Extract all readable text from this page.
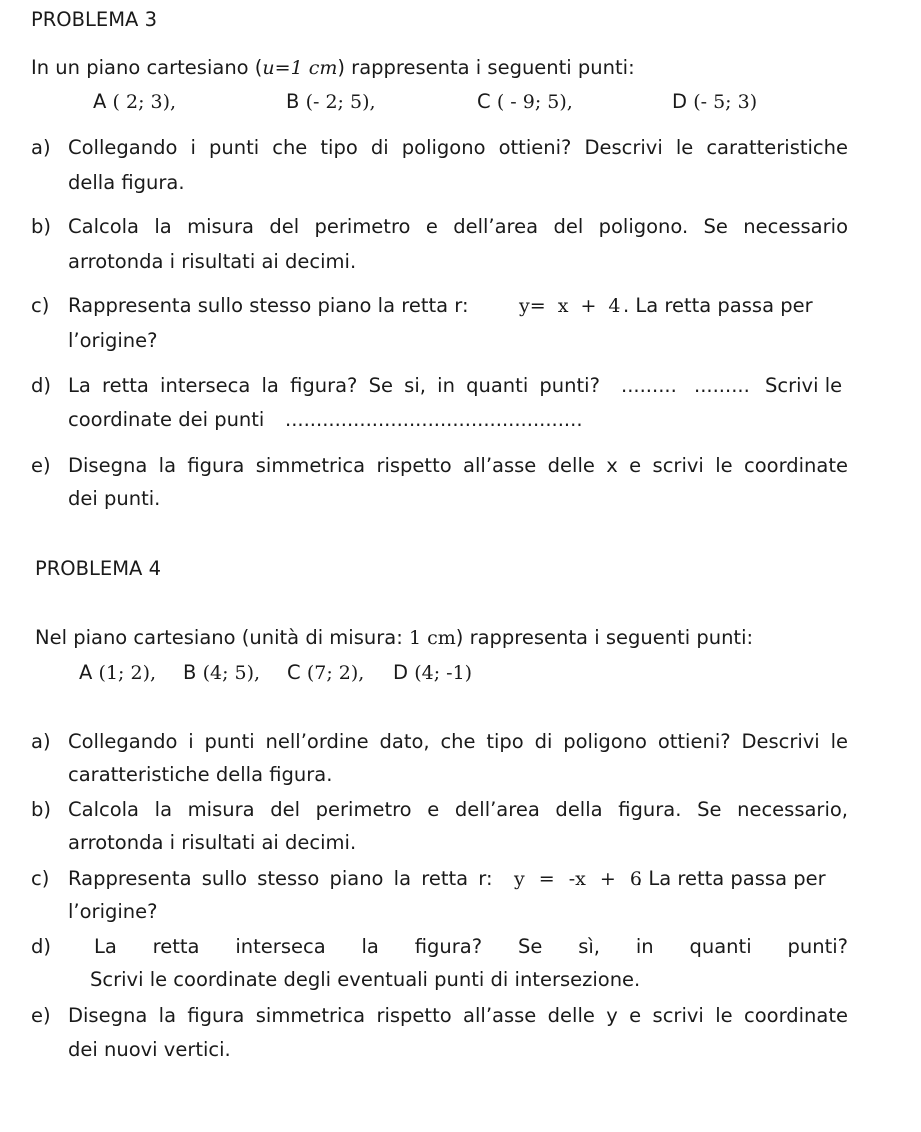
PROBLEMA 3
In un piano cartesiano (u=1 cm) rappresenta i seguenti punti:
A ( 2; 3),	B (- 2; 5),	C ( - 9; 5),	D (- 5; 3)
a) Collegando i punti che tipo di poligono ottieni? Descrivi le caratteristiche
della figura.
b) Calcola la misura del perimetro e dell’area del poligono. Se necessario
arrotonda i risultati ai decimi.
c) Rappresenta sullo stesso piano la retta r:	y= x + 4 . La retta passa per
l’origine?
d) La retta interseca la figura? Se si, in quanti punti? ......... ......... Scrivi le
coordinate dei punti ................................................
e) Disegna la figura simmetrica rispetto all’asse delle x e scrivi le coordinate
dei punti.
PROBLEMA 4
Nel piano cartesiano (unità di misura: 1 cm) rappresenta i seguenti punti:
A (1; 2), B (4; 5), C (7; 2), D (4; -1)
a) Collegando i punti nell’ordine dato, che tipo di poligono ottieni? Descrivi le
caratteristiche della figura.
b) Calcola la misura del perimetro e dell’area della figura. Se necessario,
arrotonda i risultati ai decimi.
c) Rappresenta sullo stesso piano la retta r: y = -x + 6
. La retta passa per
l’origine?
d) La retta interseca la figura? Se sì, in quanti punti?
Scrivi le coordinate degli eventuali punti di intersezione.
e) Disegna la figura simmetrica rispetto all’asse delle y e scrivi le coordinate
dei nuovi vertici.
